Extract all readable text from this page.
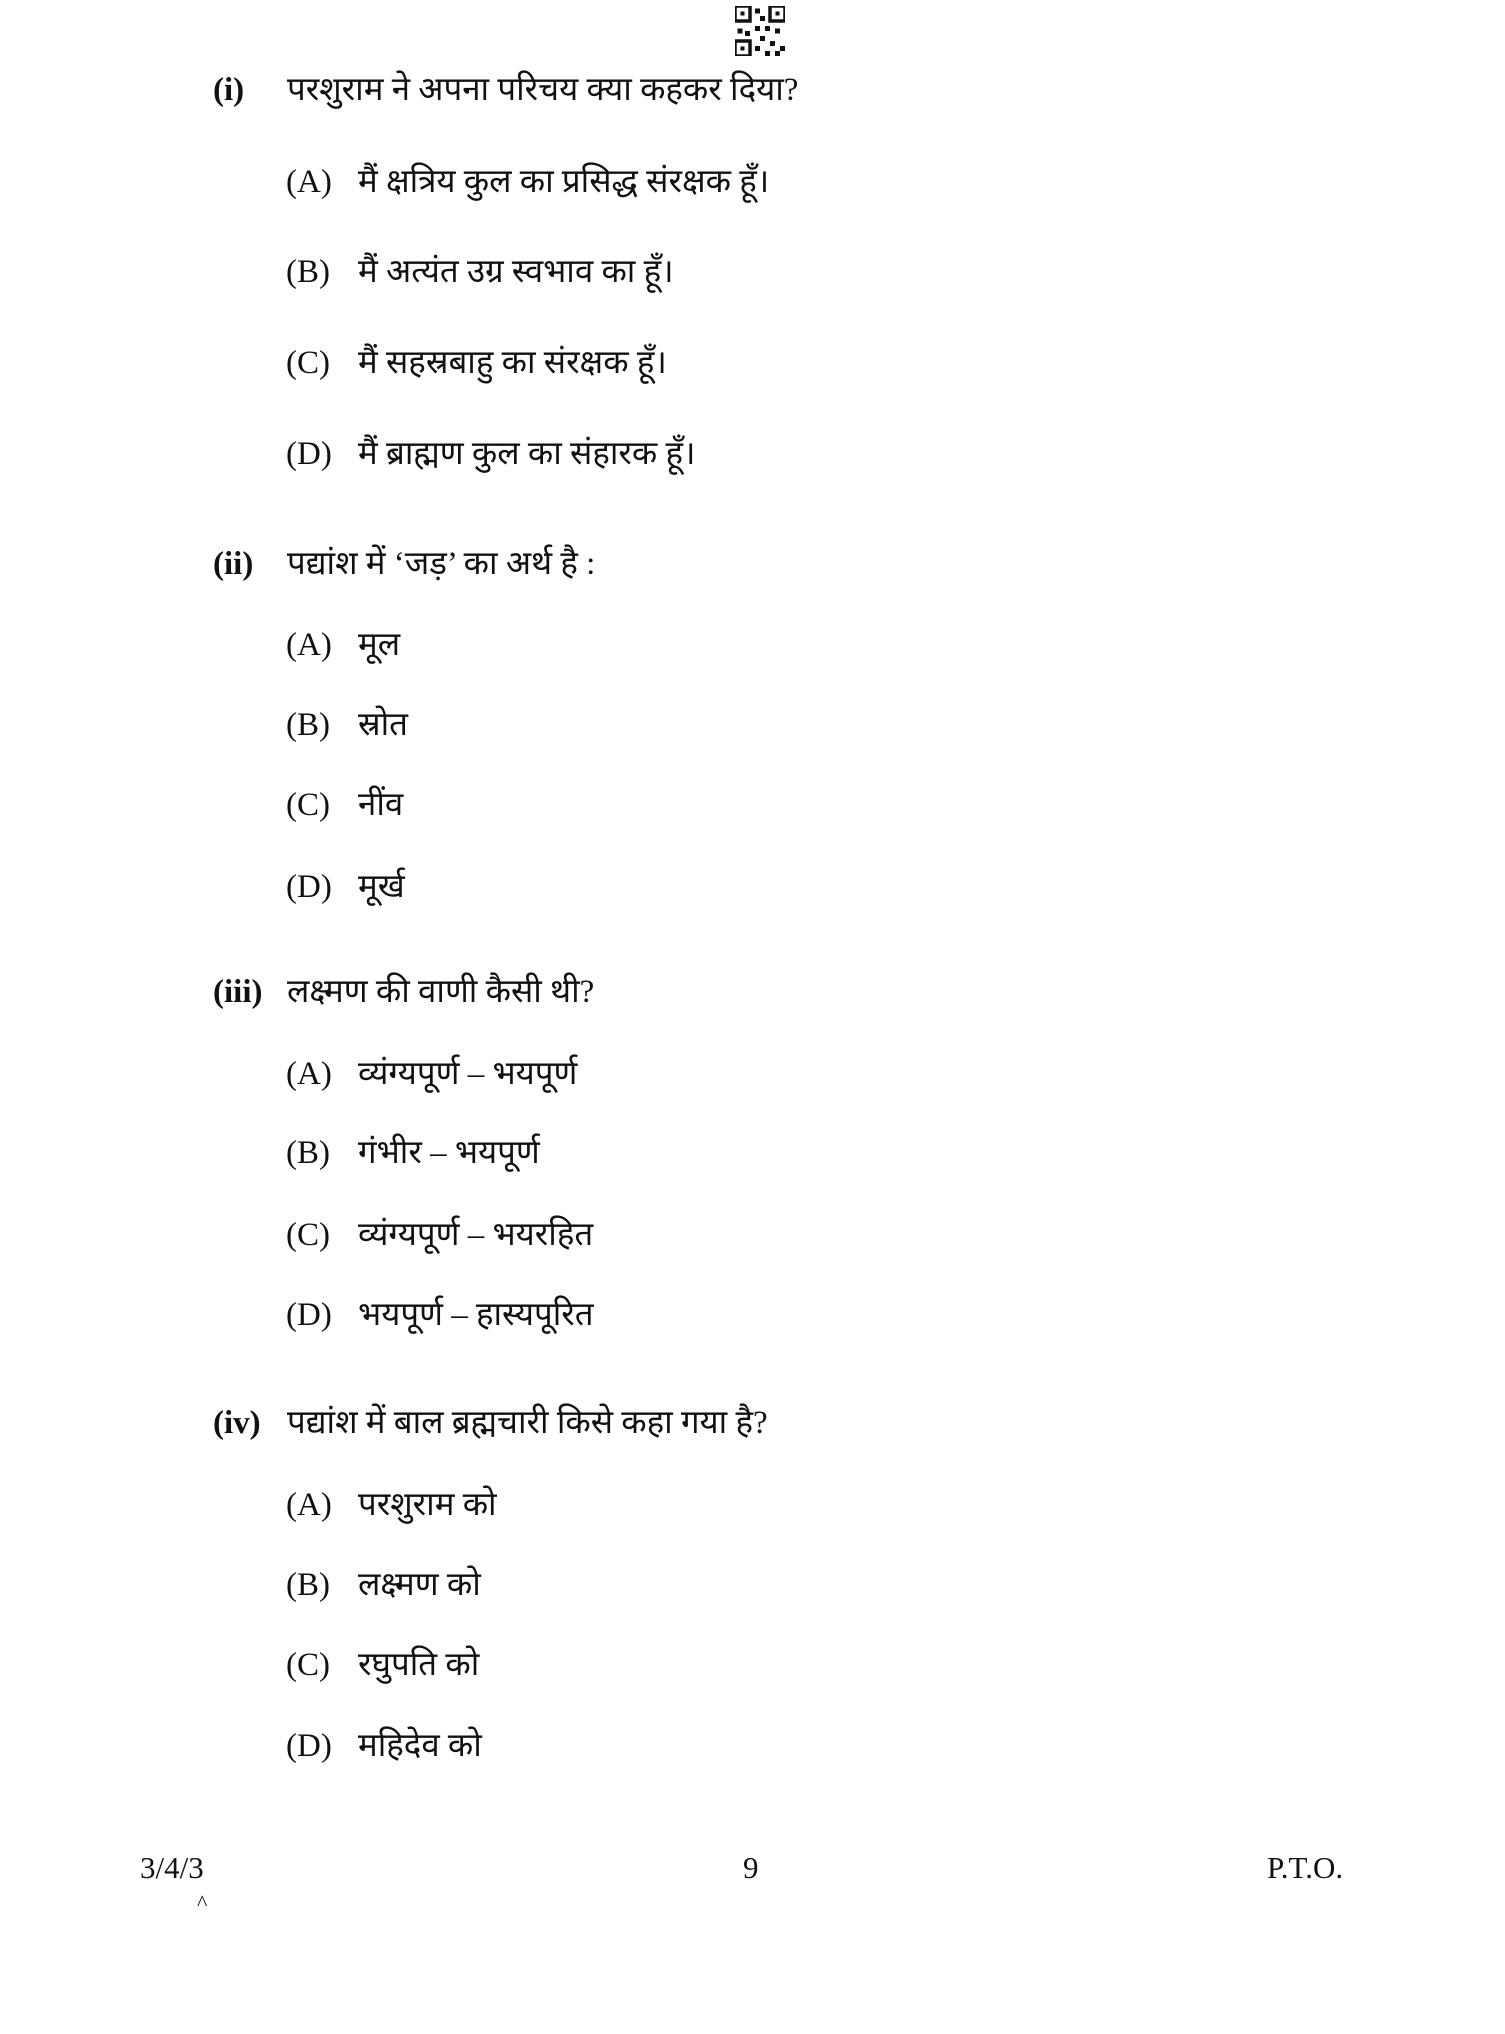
(i) परशुराम ने अपना परिचय क्या कहकर दिया?
(A) मैं क्षत्रिय कुल का प्रसिद्ध संरक्षक हूँ।
(B) मैं अत्यंत उग्र स्वभाव का हूँ।
(C) मैं सहस्रबाहु का संरक्षक हूँ।
(D) मैं ब्राह्मण कुल का संहारक हूँ।
(ii) पद्यांश में ‘जड़’ का अर्थ है :
(A) मूल
(B) स्रोत
(C) नींव
(D) मूर्ख
(iii) लक्ष्मण की वाणी कैसी थी?
(A) व्यंग्यपूर्ण – भयपूर्ण
(B) गंभीर – भयपूर्ण
(C) व्यंग्यपूर्ण – भयरहित
(D) भयपूर्ण – हास्यपूरित
(iv) पद्यांश में बाल ब्रह्मचारी किसे कहा गया है?
(A) परशुराम को
(B) लक्ष्मण को
(C) रघुपति को
(D) महिदेव को
3/4/3
^
9	P.T.O.
